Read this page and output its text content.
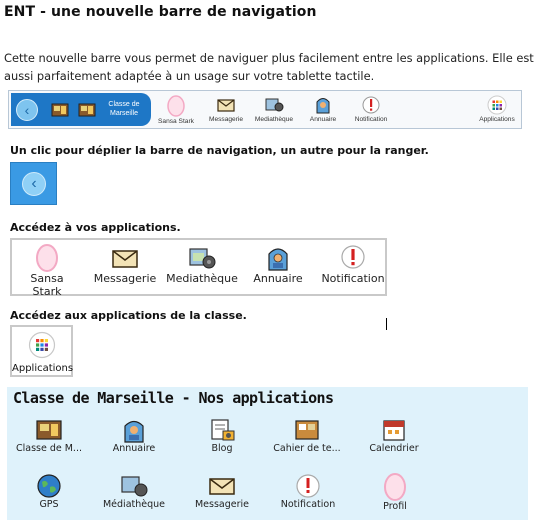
ENT - une nouvelle barre de navigation
Cette nouvelle barre vous permet de naviguer plus facilement entre les applications. Elle est aussi parfaitement adaptée à un usage sur votre tablette tactile.
‹	Classe de Marseille
Sansa Stark	Messagerie	Mediathèque	Annuaire	Notification	Applications
Un clic pour déplier la barre de navigation, un autre pour la ranger.
‹
Accédez à vos applications.
Sansa Stark
Messagerie Mediathèque	Annuaire	Notification
Accédez aux applications de la classe.
Applications
Classe de Marseille - Nos applications
Classe de M...	Annuaire	Blog	Cahier de te...	Calendrier
GPS	Médiathèque	Messagerie	Notification	Profil
